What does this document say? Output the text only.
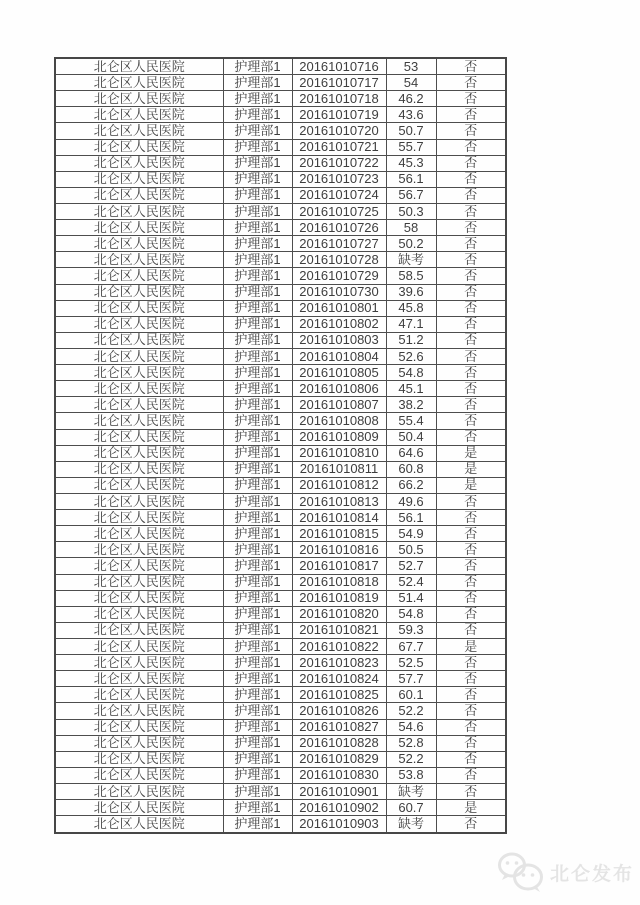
北仑区人民医院	护理部1	20161010716	53	否
北仑区人民医院	护理部1	20161010717	54	否
北仑区人民医院	护理部1	20161010718	46.2	否
北仑区人民医院	护理部1	20161010719	43.6	否
北仑区人民医院	护理部1	20161010720	50.7	否
北仑区人民医院	护理部1	20161010721	55.7	否
北仑区人民医院	护理部1	20161010722	45.3	否
北仑区人民医院	护理部1	20161010723	56.1	否
北仑区人民医院	护理部1	20161010724	56.7	否
北仑区人民医院	护理部1	20161010725	50.3	否
北仑区人民医院	护理部1	20161010726	58	否
北仑区人民医院	护理部1	20161010727	50.2	否
北仑区人民医院	护理部1	20161010728	缺考	否
北仑区人民医院	护理部1	20161010729	58.5	否
北仑区人民医院	护理部1	20161010730	39.6	否
北仑区人民医院	护理部1	20161010801	45.8	否
北仑区人民医院	护理部1	20161010802	47.1	否
北仑区人民医院	护理部1	20161010803	51.2	否
北仑区人民医院	护理部1	20161010804	52.6	否
北仑区人民医院	护理部1	20161010805	54.8	否
北仑区人民医院	护理部1	20161010806	45.1	否
北仑区人民医院	护理部1	20161010807	38.2	否
北仑区人民医院	护理部1	20161010808	55.4	否
北仑区人民医院	护理部1	20161010809	50.4	否
北仑区人民医院	护理部1	20161010810	64.6	是
北仑区人民医院	护理部1	20161010811	60.8	是
北仑区人民医院	护理部1	20161010812	66.2	是
北仑区人民医院	护理部1	20161010813	49.6	否
北仑区人民医院	护理部1	20161010814	56.1	否
北仑区人民医院	护理部1	20161010815	54.9	否
北仑区人民医院	护理部1	20161010816	50.5	否
北仑区人民医院	护理部1	20161010817	52.7	否
北仑区人民医院	护理部1	20161010818	52.4	否
北仑区人民医院	护理部1	20161010819	51.4	否
北仑区人民医院	护理部1	20161010820	54.8	否
北仑区人民医院	护理部1	20161010821	59.3	否
北仑区人民医院	护理部1	20161010822	67.7	是
北仑区人民医院	护理部1	20161010823	52.5	否
北仑区人民医院	护理部1	20161010824	57.7	否
北仑区人民医院	护理部1	20161010825	60.1	否
北仑区人民医院	护理部1	20161010826	52.2	否
北仑区人民医院	护理部1	20161010827	54.6	否
北仑区人民医院	护理部1	20161010828	52.8	否
北仑区人民医院	护理部1	20161010829	52.2	否
北仑区人民医院	护理部1	20161010830	53.8	否
北仑区人民医院	护理部1	20161010901	缺考	否
北仑区人民医院	护理部1	20161010902	60.7	是
北仑区人民医院	护理部1	20161010903	缺考	否
北仑发布
